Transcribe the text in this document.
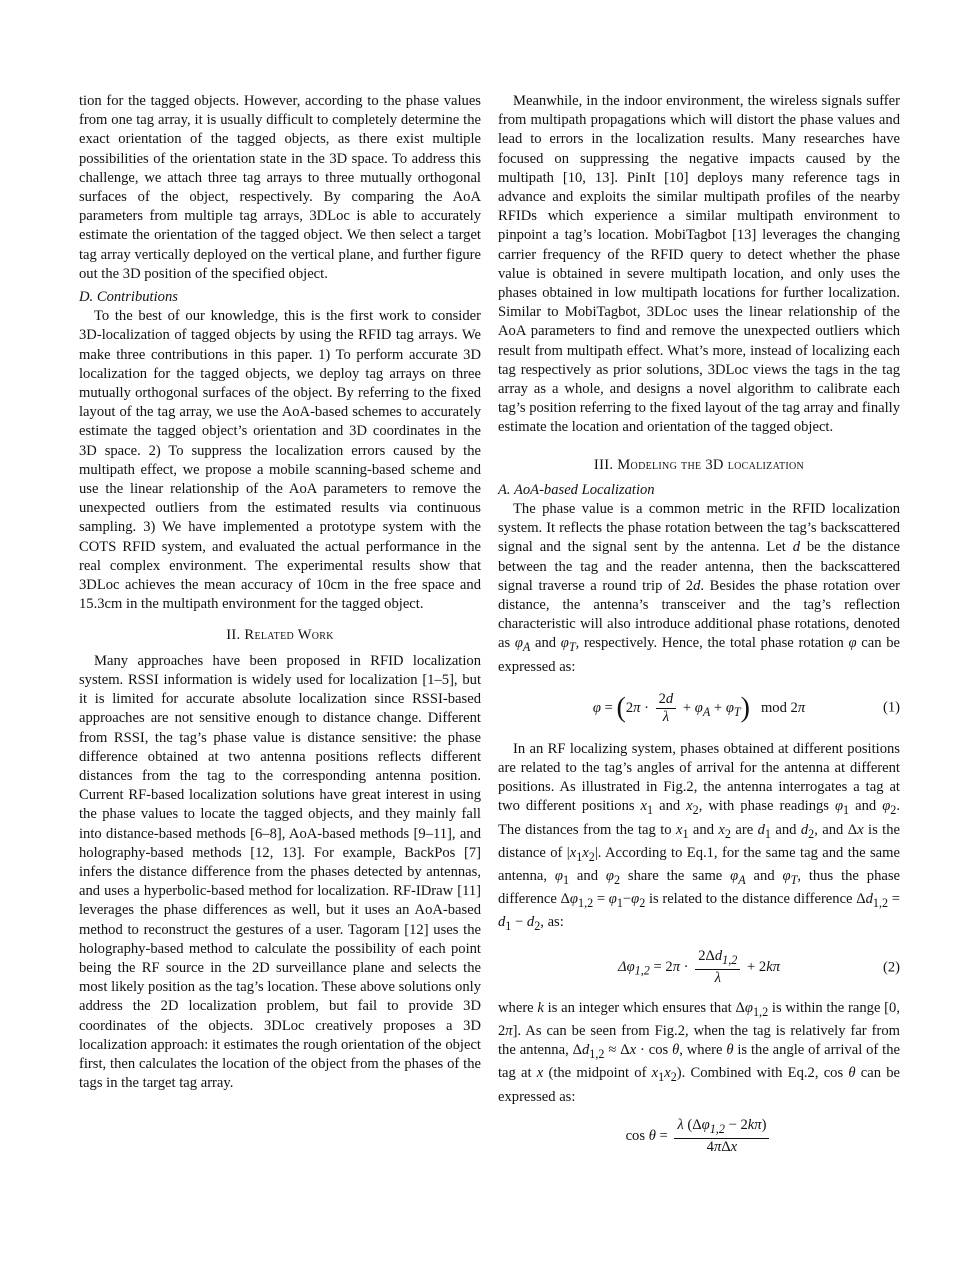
tion for the tagged objects. However, according to the phase values from one tag array, it is usually difficult to completely determine the exact orientation of the tagged objects, as there exist multiple possibilities of the orientation state in the 3D space. To address this challenge, we attach three tag arrays to three mutually orthogonal surfaces of the object, respectively. By comparing the AoA parameters from multiple tag arrays, 3DLoc is able to accurately estimate the orientation of the tagged object. We then select a target tag array vertically deployed on the vertical plane, and further figure out the 3D position of the specified object.

D. Contributions

To the best of our knowledge, this is the first work to consider 3D-localization of tagged objects by using the RFID tag arrays. We make three contributions in this paper. 1) To perform accurate 3D localization for the tagged objects, we deploy tag arrays on three mutually orthogonal surfaces of the object. By referring to the fixed layout of the tag array, we use the AoA-based schemes to accurately estimate the tagged object’s orientation and 3D coordinates in the 3D space. 2) To suppress the localization errors caused by the multipath effect, we propose a mobile scanning-based scheme and use the linear relationship of the AoA parameters to remove the unexpected outliers from the estimated results via continuous sampling. 3) We have implemented a prototype system with the COTS RFID system, and evaluated the actual performance in the real complex environment. The experimental results show that 3DLoc achieves the mean accuracy of 10cm in the free space and 15.3cm in the multipath environment for the tagged object.

II. Related Work

Many approaches have been proposed in RFID localization system. RSSI information is widely used for localization [1–5], but it is limited for accurate absolute localization since RSSI-based approaches are not sensitive enough to distance change. Different from RSSI, the tag’s phase value is distance sensitive: the phase difference obtained at two antenna positions reflects different distances from the tag to the corresponding antenna position. Current RF-based localization solutions have great interest in using the phase values to locate the tagged objects, and they mainly fall into distance-based methods [6–8], AoA-based methods [9–11], and holography-based methods [12, 13]. For example, BackPos [7] infers the distance difference from the phases detected by antennas, and uses a hyperbolic-based method for localization. RF-IDraw [11] leverages the phase differences as well, but it uses an AoA-based method to reconstruct the gestures of a user. Tagoram [12] uses the holography-based method to calculate the possibility of each point being the RF source in the 2D surveillance plane and selects the most likely position as the tag’s location. These above solutions only address the 2D localization problem, but fail to provide 3D coordinates of the objects. 3DLoc creatively proposes a 3D localization approach: it estimates the rough orientation of the object first, then calculates the location of the object from the phases of the tags in the target tag array.

Meanwhile, in the indoor environment, the wireless signals suffer from multipath propagations which will distort the phase values and lead to errors in the localization results. Many researches have focused on suppressing the negative impacts caused by the multipath [10, 13]. PinIt [10] deploys many reference tags in advance and exploits the similar multipath profiles of the nearby RFIDs which experience a similar multipath environment to pinpoint a tag’s location. MobiTagbot [13] leverages the changing carrier frequency of the RFID query to detect whether the phase value is obtained in severe multipath location, and only uses the phases obtained in low multipath locations for further localization. Similar to MobiTagbot, 3DLoc uses the linear relationship of the AoA parameters to find and remove the unexpected outliers which result from multipath effect. What’s more, instead of localizing each tag respectively as prior solutions, 3DLoc views the tags in the tag array as a whole, and designs a novel algorithm to calibrate each tag’s position referring to the fixed layout of the tag array and finally estimate the location and orientation of the tagged object.

III. Modeling the 3D localization

A. AoA-based Localization

The phase value is a common metric in the RFID localization system. It reflects the phase rotation between the tag’s backscattered signal and the signal sent by the antenna. Let d be the distance between the tag and the reader antenna, then the backscattered signal traverse a round trip of 2d. Besides the phase rotation over distance, the antenna’s transceiver and the tag’s reflection characteristic will also introduce additional phase rotations, denoted as $\varphi_A$ and $\varphi_T$, respectively. Hence, the total phase rotation φ can be expressed as:

$\varphi = (2\pi \cdot \frac{2d}{\lambda} + \varphi_A + \varphi_T)$ mod 2π	(1)

In an RF localizing system, phases obtained at different positions are related to the tag’s angles of arrival for the antenna at different positions. As illustrated in Fig.2, the antenna interrogates a tag at two different positions $x_1$ and $x_2$, with phase readings $\varphi_1$ and $\varphi_2$. The distances from the tag to $x_1$ and $x_2$ are $d_1$ and $d_2$, and Δx is the distance of $|x_1x_2|$. According to Eq.1, for the same tag and the same antenna, $\varphi_1$ and $\varphi_2$ share the same $\varphi_A$ and $\varphi_T$, thus the phase difference $\Delta\varphi_{1,2} = \varphi_1-\varphi_2$ is related to the distance difference $\Delta d_{1,2} = d_1 - d_2$, as:

$\Delta\varphi_{1,2} = 2\pi \cdot \frac{2\Delta d_{1,2}}{\lambda} + 2k\pi$	(2)

where k is an integer which ensures that $\Delta\varphi_{1,2}$ is within the range [0, 2π]. As can be seen from Fig.2, when the tag is relatively far from the antenna, $\Delta d_{1,2} \approx \Delta x \cdot \cos \theta$, where θ is the angle of arrival of the tag at x (the midpoint of $x_1x_2$). Combined with Eq.2, cos θ can be expressed as:

$\cos \theta = \frac{\lambda (\Delta\varphi_{1,2} - 2k\pi)}{\text{4πΔx}}$
